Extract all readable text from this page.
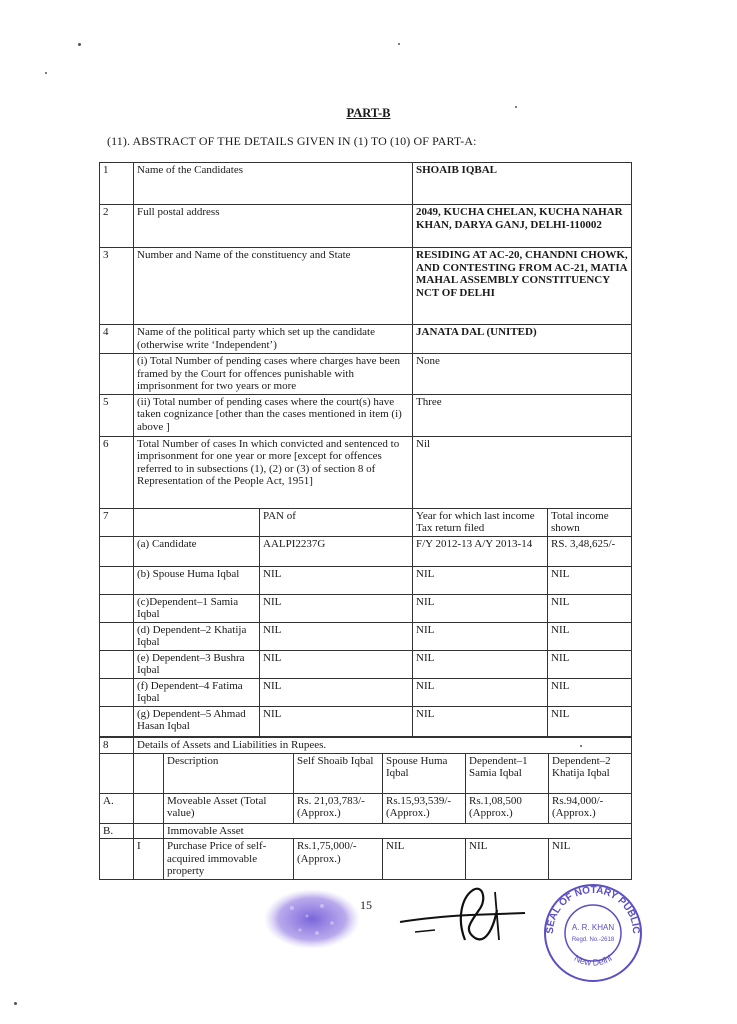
PART-B
(11). ABSTRACT OF THE DETAILS GIVEN IN (1) TO (10) OF PART-A:
1	Name of the Candidates		SHOAIB IQBAL	
2	Full postal address		2049, KUCHA CHELAN, KUCHA NAHAR KHAN, DARYA GANJ, DELHI-110002	
3	Number and Name of the constituency and State		RESIDING AT AC-20, CHANDNI CHOWK, AND CONTESTING FROM AC-21, MATIA MAHAL ASSEMBLY CONSTITUENCY NCT OF DELHI	
4	Name of the political party which set up the candidate (otherwise write ‘Independent’)		JANATA DAL (UNITED)	
	(i) Total Number of pending cases where charges have been framed by the Court for offences punishable with imprisonment for two years or more		None	
5	(ii) Total number of pending cases where the court(s) have taken cognizance [other than the cases mentioned in item (i) above ]		Three	
6	Total Number of cases In which convicted and sentenced to imprisonment for one year or more [except for offences referred to in subsections (1), (2) or (3) of section 8 of Representation of the People Act, 1951]		Nil	
7		PAN of	Year for which last income Tax return filed	Total income shown
	(a) Candidate	AALPI2237G	F/Y 2012-13 A/Y 2013-14	RS. 3,48,625/-
	(b) Spouse Huma Iqbal	NIL	NIL	NIL
	(c)Dependent–1 Samia Iqbal	NIL	NIL	NIL
	(d) Dependent–2 Khatija Iqbal	NIL	NIL	NIL
	(e) Dependent–3 Bushra Iqbal	NIL	NIL	NIL
	(f) Dependent–4 Fatima Iqbal	NIL	NIL	NIL
	(g) Dependent–5 Ahmad Hasan Iqbal	NIL	NIL	NIL
8	Details of Assets and Liabilities in Rupees.					
		Description	Self Shoaib Iqbal	Spouse Huma Iqbal	Dependent–1 Samia Iqbal	Dependent–2 Khatija Iqbal
A.		Moveable Asset (Total value)	Rs. 21,03,783/- (Approx.)	Rs.15,93,539/- (Approx.)	Rs.1,08,500 (Approx.)	Rs.94,000/- (Approx.)
B.		Immovable Asset				
	I	Purchase Price of self-acquired immovable property	Rs.1,75,000/- (Approx.)	NIL	NIL	NIL
15
SEAL OF NOTARY PUBLIC
A. R. KHAN
Regd. No.-2618
New Delhi
